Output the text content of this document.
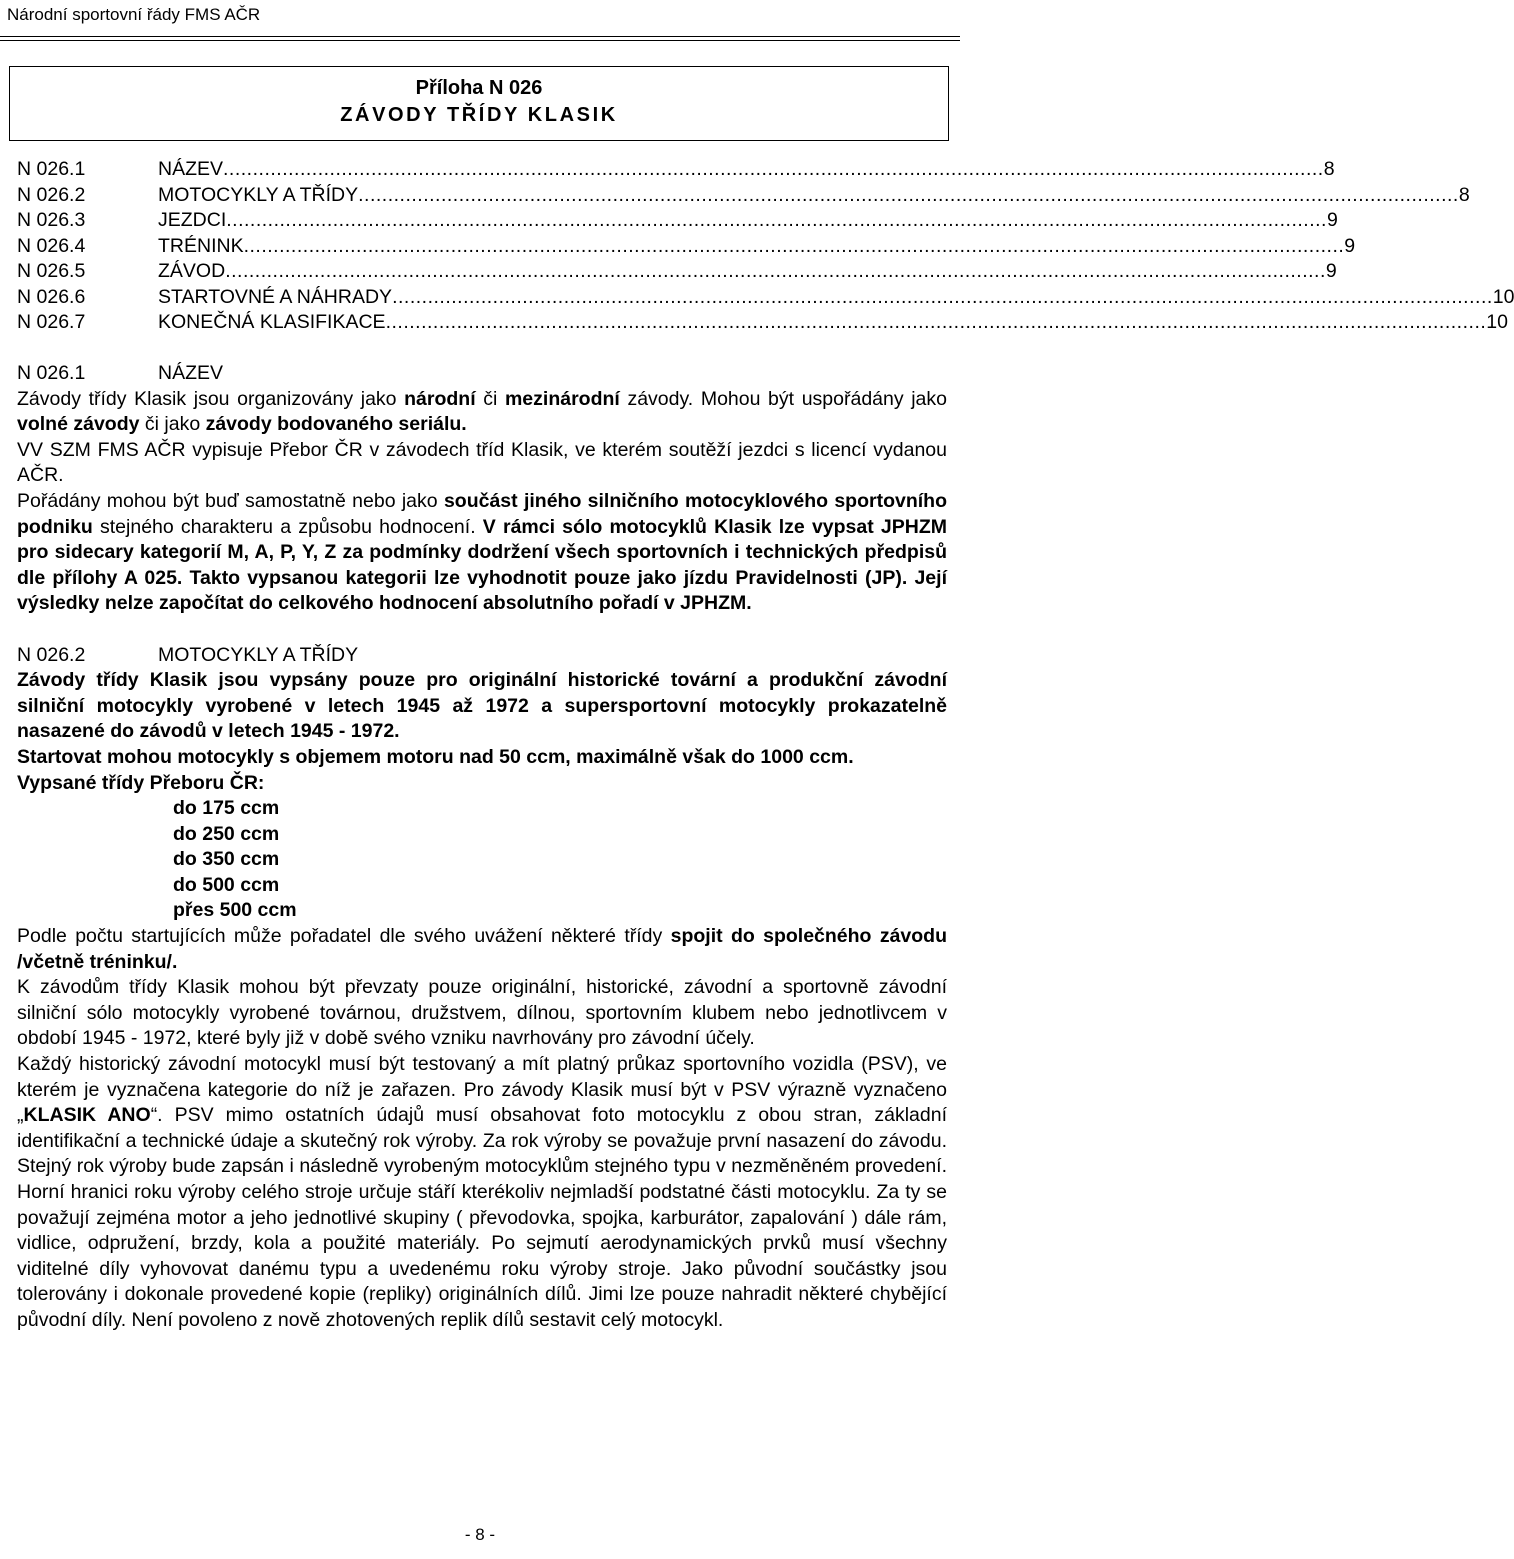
Národní sportovní řády FMS AČR
Příloha N 026
ZÁVODY TŘÍDY KLASIK
N 026.1	NÁZEV .......................................................................................................................................................................................... 8
N 026.2	MOTOCYKLY A TŘÍDY .......................................................................................................................................................................................... 8
N 026.3	JEZDCI .......................................................................................................................................................................................... 9
N 026.4	TRÉNINK .......................................................................................................................................................................................... 9
N 026.5	ZÁVOD .......................................................................................................................................................................................... 9
N 026.6	STARTOVNÉ A NÁHRADY .......................................................................................................................................................................................... 10
N 026.7	KONEČNÁ KLASIFIKACE .......................................................................................................................................................................................... 10
N 026.1	NÁZEV

Závody třídy Klasik jsou organizovány jako národní či mezinárodní závody. Mohou být uspořádány jako volné závody či jako závody bodovaného seriálu.

VV SZM FMS AČR vypisuje Přebor ČR v závodech tříd Klasik, ve kterém soutěží jezdci s licencí vydanou AČR.

Pořádány mohou být buď samostatně nebo jako součást jiného silničního motocyklového sportovního podniku stejného charakteru a způsobu hodnocení. V rámci sólo motocyklů Klasik lze vypsat JPHZM pro sidecary kategorií M, A, P, Y, Z za podmínky dodržení všech sportovních i technických předpisů dle přílohy A 025. Takto vypsanou kategorii lze vyhodnotit pouze jako jízdu Pravidelnosti (JP). Její výsledky nelze započítat do celkového hodnocení absolutního pořadí v JPHZM.

N 026.2	MOTOCYKLY A TŘÍDY

Závody třídy Klasik jsou vypsány pouze pro originální historické tovární a produkční závodní silniční motocykly vyrobené v letech 1945 až 1972 a supersportovní motocykly prokazatelně nasazené do závodů v letech 1945 - 1972.

Startovat mohou motocykly s objemem motoru nad 50 ccm, maximálně však do 1000 ccm.

Vypsané třídy Přeboru ČR:

do 175 ccm
do 250 ccm
do 350 ccm
do 500 ccm
přes 500 ccm

Podle počtu startujících může pořadatel dle svého uvážení některé třídy spojit do společného závodu /včetně tréninku/.

K závodům třídy Klasik mohou být převzaty pouze originální, historické, závodní a sportovně závodní silniční sólo motocykly vyrobené továrnou, družstvem, dílnou, sportovním klubem nebo jednotlivcem v období 1945 - 1972, které byly již v době svého vzniku navrhovány pro závodní účely.

Každý historický závodní motocykl musí být testovaný a mít platný průkaz sportovního vozidla (PSV), ve kterém je vyznačena kategorie do níž je zařazen. Pro závody Klasik musí být v PSV výrazně vyznačeno „KLASIK ANO“. PSV mimo ostatních údajů musí obsahovat foto motocyklu z obou stran, základní identifikační a technické údaje a skutečný rok výroby. Za rok výroby se považuje první nasazení do závodu. Stejný rok výroby bude zapsán i následně vyrobeným motocyklům stejného typu v nezměněném provedení. Horní hranici roku výroby celého stroje určuje stáří kterékoliv nejmladší podstatné části motocyklu. Za ty se považují zejména motor a jeho jednotlivé skupiny ( převodovka, spojka, karburátor, zapalování ) dále rám, vidlice, odpružení, brzdy, kola a použité materiály. Po sejmutí aerodynamických prvků musí všechny viditelné díly vyhovovat danému typu a uvedenému roku výroby stroje. Jako původní součástky jsou tolerovány i dokonale provedené kopie (repliky) originálních dílů. Jimi lze pouze nahradit některé chybějící původní díly. Není povoleno z nově zhotovených replik dílů sestavit celý motocykl.

- 8 -
